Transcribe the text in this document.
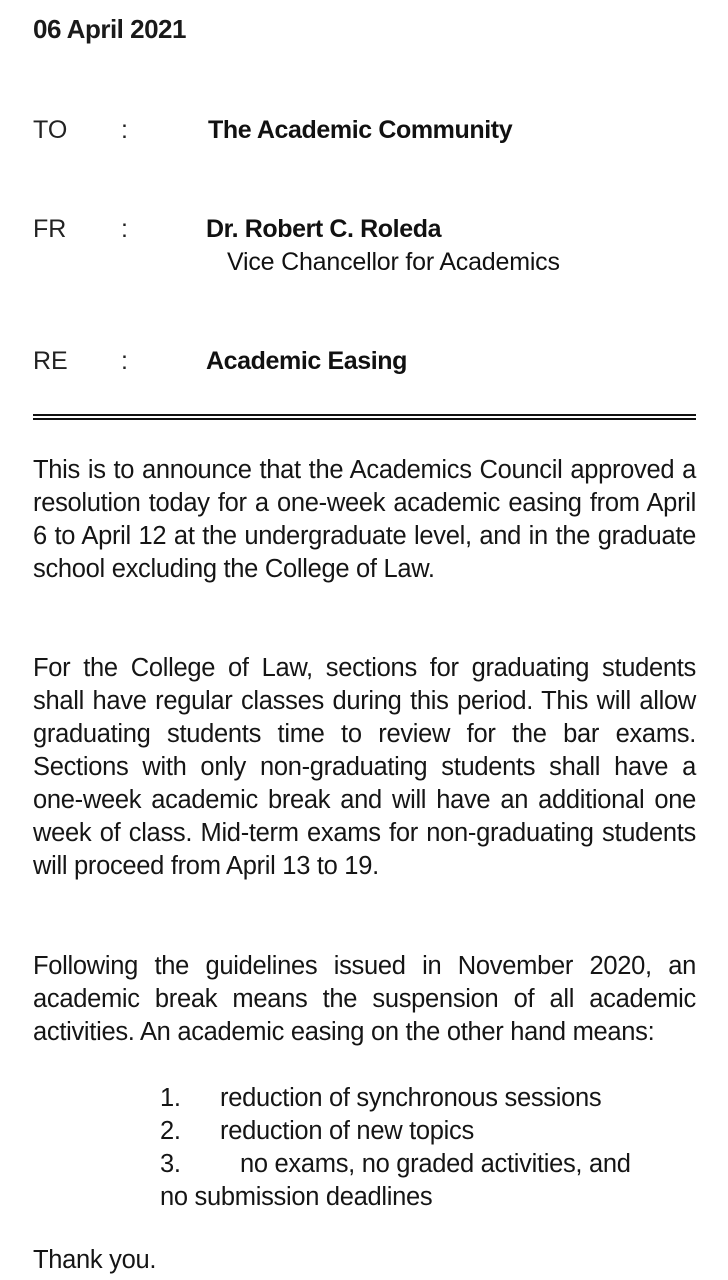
06 April 2021
TO :	The Academic Community
FR :	Dr. Robert C. Roleda
Vice Chancellor for Academics
RE :	Academic Easing
This is to announce that the Academics Council approved a resolution today for a one-week academic easing from April 6 to April 12 at the undergraduate level, and in the graduate school excluding the College of Law.
For the College of Law, sections for graduating students shall have regular classes during this period. This will allow graduating students time to review for the bar exams. Sections with only non-graduating students shall have a one-week academic break and will have an additional one week of class. Mid-term exams for non-graduating students will proceed from April 13 to 19.
Following the guidelines issued in November 2020, an academic break means the suspension of all academic activities. An academic easing on the other hand means:
1. reduction of synchronous sessions
2. reduction of new topics
3. no exams, no graded activities, and
no submission deadlines
Thank you.
